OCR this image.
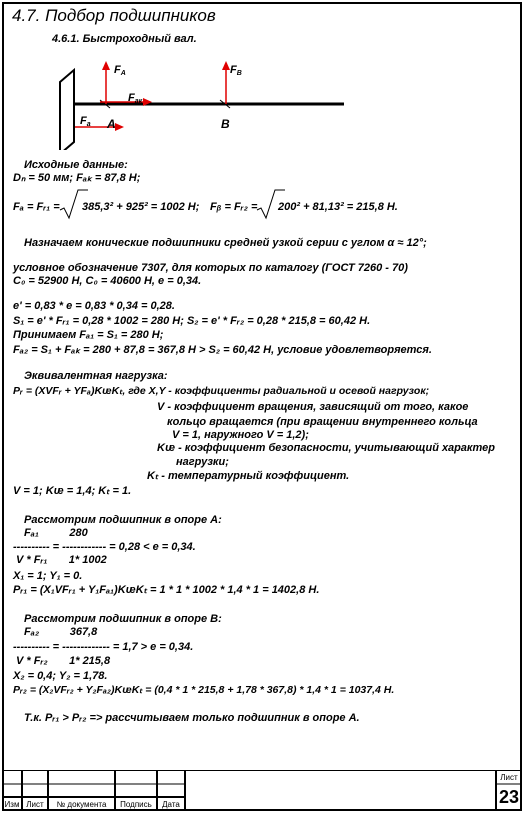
4.7. Подбор подшипников
4.6.1. Быстроходный вал.
$F_A$	$F_B$
$F_{ак}$
$F_a$ A	B
Исходные данные:
Dₙ = 50 мм; Fₐₖ = 87,8 Н;
Fₐ = Fᵣ₁ = 385,3² + 925² = 1002 Н; Fᵦ = Fᵣ₂ = 200² + 81,13² = 215,8 Н.
Назначаем конические подшипники средней узкой серии с углом α ≈ 12°;
условное обозначение 7307, для которых по каталогу (ГОСТ 7260 - 70)
C₀ = 52900 Н, C₀ = 40600 Н, e = 0,34.
e' = 0,83 * e = 0,83 * 0,34 = 0,28.
S₁ = e' * Fᵣ₁ = 0,28 * 1002 = 280 Н; S₂ = e' * Fᵣ₂ = 0,28 * 215,8 = 60,42 Н.
Принимаем Fₐ₁ = S₁ = 280 Н;
Fₐ₂ = S₁ + Fₐₖ = 280 + 87,8 = 367,8 Н > S₂ = 60,42 Н, условие удовлетворяется.
Эквивалентная нагрузка:
Pᵣ = (XVFᵣ + YFₐ)KᵫKₜ, где X,Y - коэффициенты радиальной и осевой нагрузок;
V - коэффициент вращения, зависящий от того, какое
кольцо вращается (при вращении внутреннего кольца
V = 1, наружного V = 1,2);
Kᵫ - коэффициент безопасности, учитывающий характер
нагрузки;
Kₜ - температурный коэффициент.
V = 1; Kᵫ = 1,4; Kₜ = 1.
Рассмотрим подшипник в опоре А:
Fₐ₁          280
---------- = ------------ = 0,28 < e = 0,34.
V * Fᵣ₁       1* 1002
X₁ = 1; Y₁ = 0.
Pᵣ₁ = (X₁VFᵣ₁ + Y₁Fₐ₁)KᵫKₜ = 1 * 1 * 1002 * 1,4 * 1 = 1402,8 Н.
Рассмотрим подшипник в опоре В:
Fₐ₂          367,8
---------- = ------------- = 1,7 > e = 0,34.
V * Fᵣ₂       1* 215,8
X₂ = 0,4; Y₂ = 1,78.
Pᵣ₂ = (X₂VFᵣ₂ + Y₂Fₐ₂)KᵫKₜ = (0,4 * 1 * 215,8 + 1,78 * 367,8) * 1,4 * 1 = 1037,4 Н.
Т.к. Pᵣ₁ > Pᵣ₂ => рассчитываем только подшипник в опоре А.
Изм Лист	№ документа	Подпись	Дата
Лист
23
